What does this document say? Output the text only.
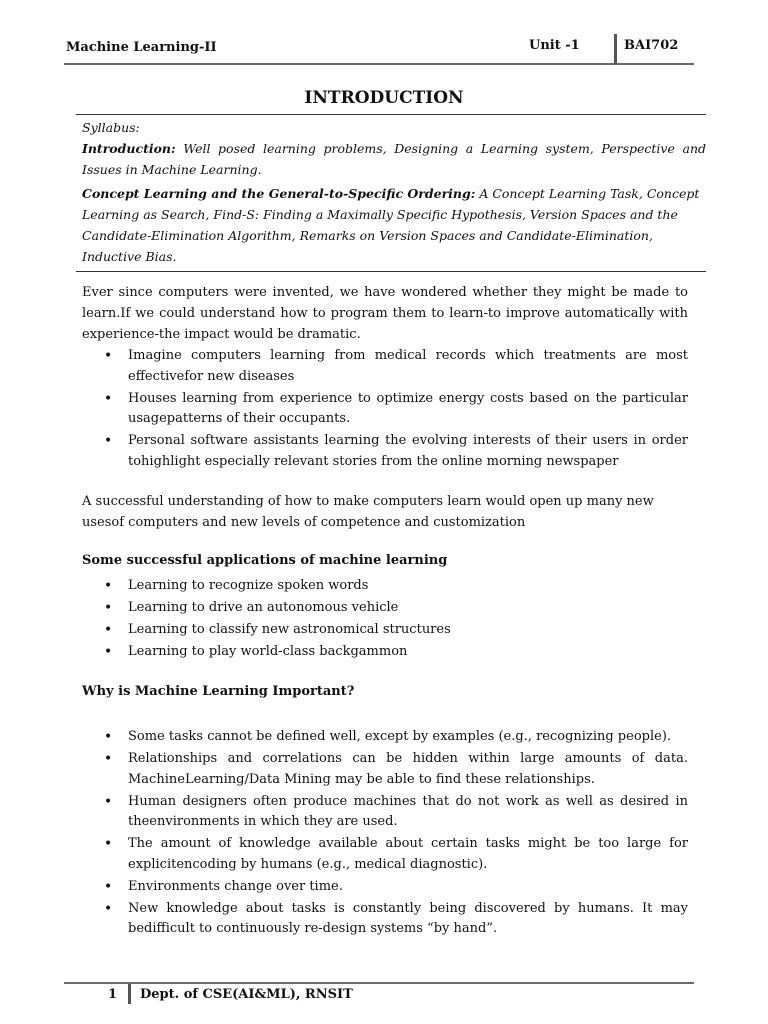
Machine Learning-II	Unit -1	BAI702
INTRODUCTION

Syllabus:

Introduction: Well posed learning problems, Designing a Learning system, Perspective and Issues in Machine Learning.

Concept Learning and the General-to-Specific Ordering: A Concept Learning Task, Concept

Learning as Search, Find-S: Finding a Maximally Specific Hypothesis, Version Spaces and the

Candidate-Elimination Algorithm, Remarks on Version Spaces and Candidate-Elimination,

Inductive Bias.

Ever since computers were invented, we have wondered whether they might be made to learn.If we could understand how to program them to learn-to improve automatically with experience-the impact would be dramatic.
• Imagine computers learning from medical records which treatments are most effectivefor new diseases
• Houses learning from experience to optimize energy costs based on the particular usagepatterns of their occupants.
• Personal software assistants learning the evolving interests of their users in order tohighlight especially relevant stories from the online morning newspaper

A successful understanding of how to make computers learn would open up many new

usesof computers and new levels of competence and customization

Some successful applications of machine learning
• Learning to recognize spoken words
• Learning to drive an autonomous vehicle
• Learning to classify new astronomical structures
• Learning to play world-class backgammon
Why is Machine Learning Important?
• Some tasks cannot be defined well, except by examples (e.g., recognizing people).
• Relationships and correlations can be hidden within large amounts of data. MachineLearning/Data Mining may be able to find these relationships.
• Human designers often produce machines that do not work as well as desired in theenvironments in which they are used.
• The amount of knowledge available about certain tasks might be too large for explicitencoding by humans (e.g., medical diagnostic).
• Environments change over time.
• New knowledge about tasks is constantly being discovered by humans. It may bedifficult to continuously re-design systems “by hand”.
1 Dept. of CSE(AI&ML), RNSIT
